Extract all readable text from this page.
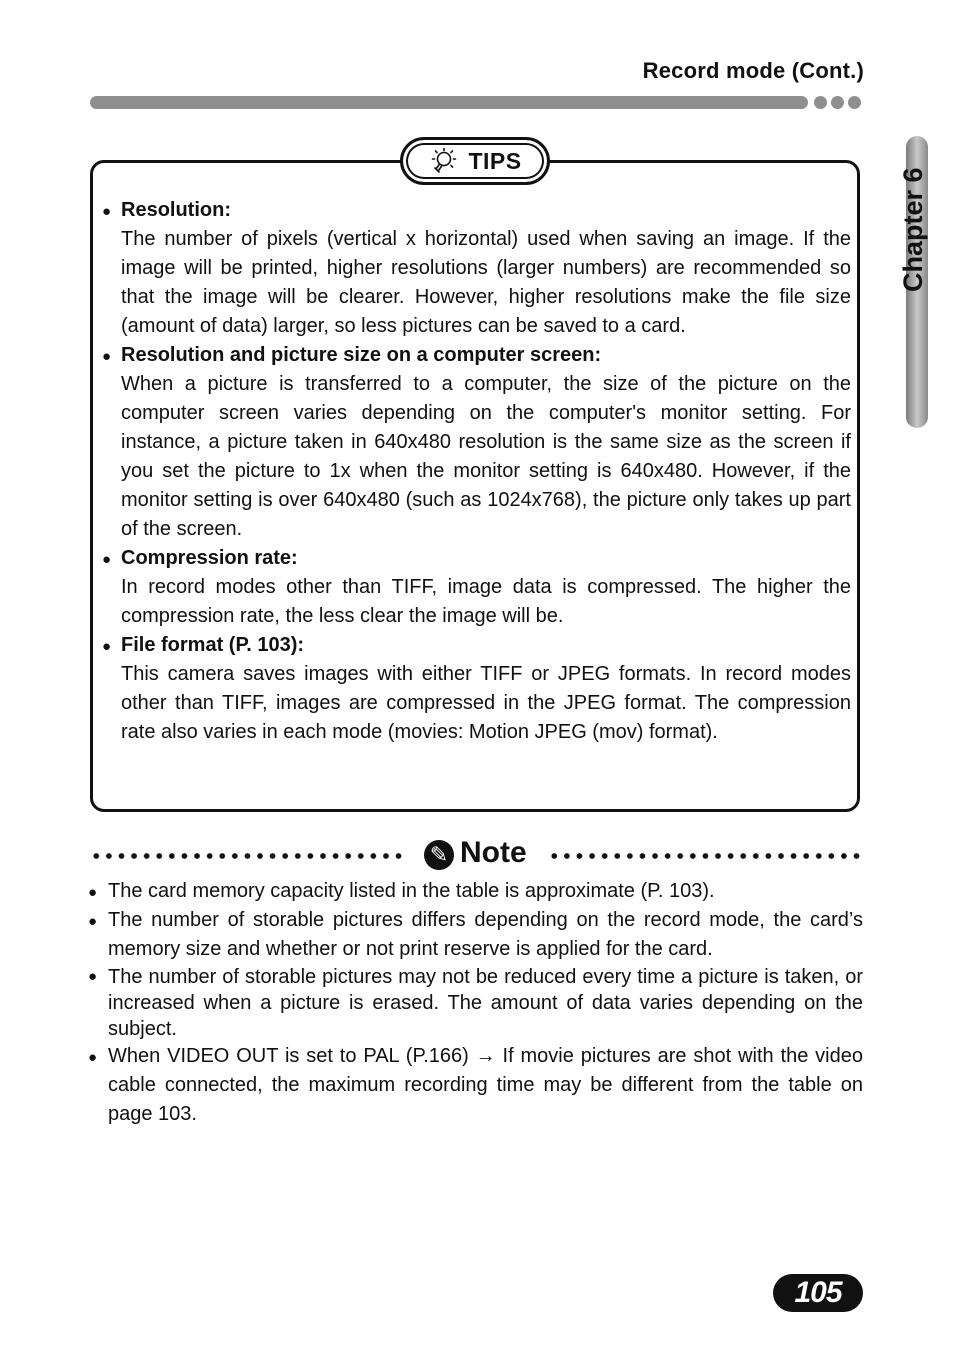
Record mode (Cont.)
Chapter 6
TIPS
● Resolution:
The number of pixels (vertical x horizontal) used when saving an image. If the image will be printed, higher resolutions (larger numbers) are recommended so that the image will be clearer. However, higher resolutions make the file size (amount of data) larger, so less pictures can be saved to a card.
● Resolution and picture size on a computer screen:
When a picture is transferred to a computer, the size of the picture on the computer screen varies depending on the computer's monitor setting. For instance, a picture taken in 640x480 resolution is the same size as the screen if you set the picture to 1x when the monitor setting is 640x480. However, if the monitor setting is over 640x480 (such as 1024x768), the picture only takes up part of the screen.
● Compression rate:
In record modes other than TIFF, image data is compressed. The higher the compression rate, the less clear the image will be.
● File format (P. 103):
This camera saves images with either TIFF or JPEG formats. In record modes other than TIFF, images are compressed in the JPEG format. The compression rate also varies in each mode (movies: Motion JPEG (mov) format).
✎ Note
● The card memory capacity listed in the table is approximate (P. 103).
● The number of storable pictures differs depending on the record mode, the card’s memory size and whether or not print reserve is applied for the card.
● The number of storable pictures may not be reduced every time a picture is taken, or increased when a picture is erased. The amount of data varies depending on the subject.
● When VIDEO OUT is set to PAL (P.166) → If movie pictures are shot with the video cable connected, the maximum recording time may be different from the table on page 103.
105
